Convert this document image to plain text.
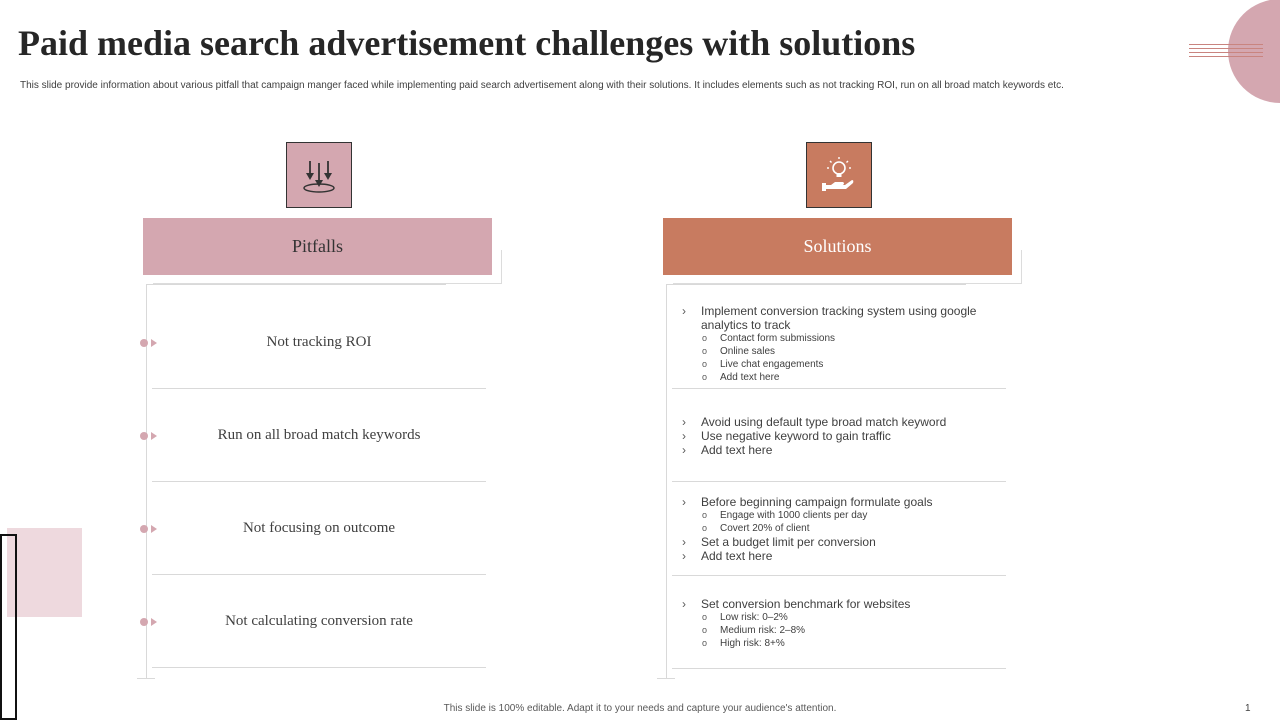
Paid media search advertisement challenges with solutions

This slide provide information about various pitfall that campaign manger faced while implementing paid search advertisement along with their solutions. It includes elements such as not tracking ROI, run on all broad match keywords etc.

Pitfalls	Solutions
Not tracking ROI
Run on all broad match keywords
Not focusing on outcome
Not calculating conversion rate
› Implement conversion tracking system using google analytics to track
o Contact form submissions
o Online sales
o Live chat engagements
o Add text here
› Avoid using default type broad match keyword
› Use negative keyword to gain traffic
› Add text here
› Before beginning campaign formulate goals
o Engage with 1000 clients per day
o Covert 20% of client
› Set a budget limit per conversion
› Add text here
› Set conversion benchmark for websites
o Low risk: 0–2%
o Medium risk: 2–8%
o High risk: 8+%
This slide is 100% editable. Adapt it to your needs and capture your audience's attention.	1
